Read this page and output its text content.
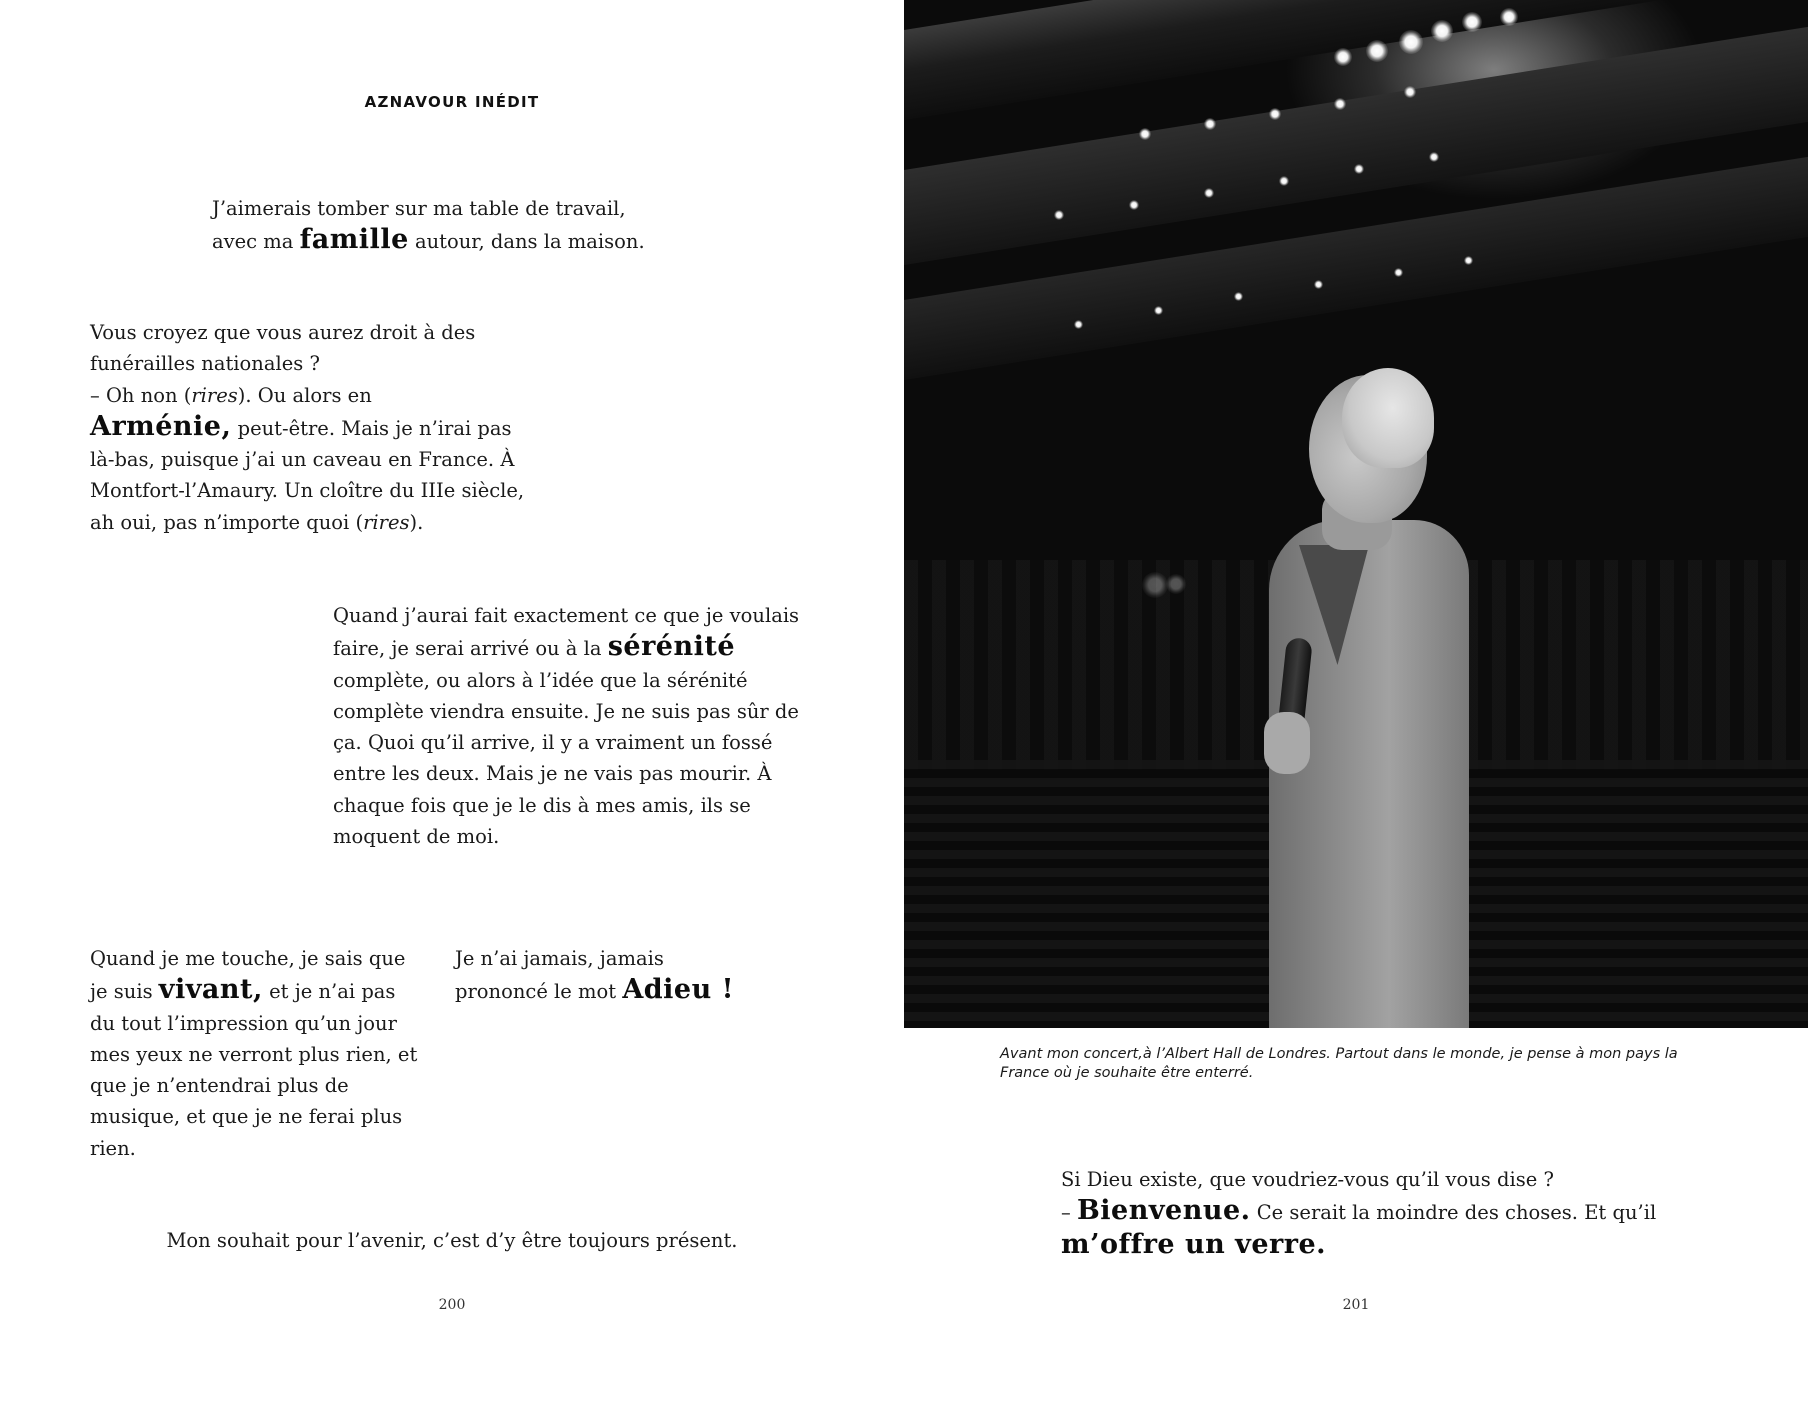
AZNAVOUR INÉDIT

J’aimerais tomber sur ma table de travail,

avec ma famille autour, dans la maison.

Vous croyez que vous aurez droit à des

funérailles nationales ?

– Oh non (rires). Ou alors en

Arménie, peut-être. Mais je n’irai pas là-bas, puisque j’ai un caveau en France. À Montfort-l’Amaury. Un cloître du IIIe siècle, ah oui, pas n’importe quoi (rires).

Quand j’aurai fait exactement ce que je voulais faire, je serai arrivé ou à la sérénité complète, ou alors à l’idée que la sérénité complète viendra ensuite. Je ne suis pas sûr de ça. Quoi qu’il arrive, il y a vraiment un fossé entre les deux. Mais je ne vais pas mourir. À chaque fois que je le dis à mes amis, ils se moquent de moi.

Quand je me touche, je sais que je suis vivant, et je n’ai pas du tout l’impression qu’un jour mes yeux ne verront plus rien, et que je n’entendrai plus de musique, et que je ne ferai plus rien.

Je n’ai jamais, jamais

prononcé le mot Adieu !

Mon souhait pour l’avenir, c’est d’y être toujours présent.
200
Avant mon concert,à l’Albert Hall de Londres. Partout dans le monde, je pense à mon pays la France où je souhaite être enterré.

Si Dieu existe, que voudriez-vous qu’il vous dise ?

– Bienvenue. Ce serait la moindre des choses. Et qu’il m’offre un verre.

201
